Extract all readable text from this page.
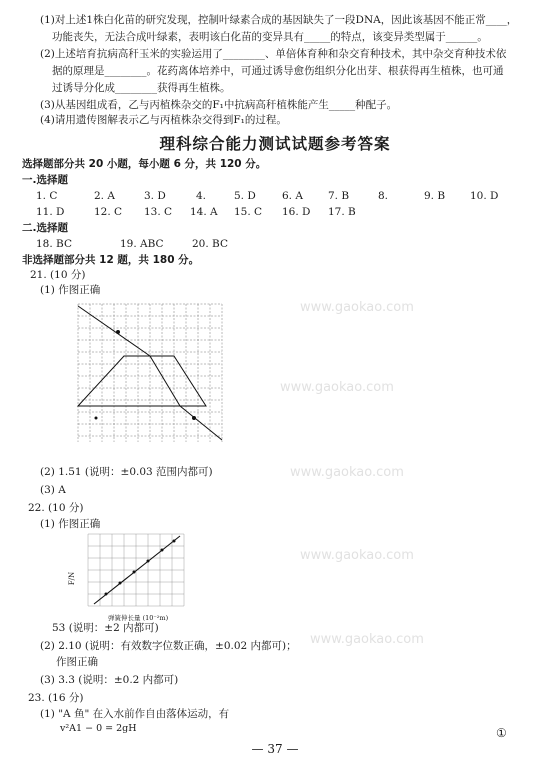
www.gaokao.com
www.gaokao.com
www.gaokao.com
www.gaokao.com
www.gaokao.com
(1)对上述1株白化苗的研究发现，控制叶绿素合成的基因缺失了一段DNA，因此该基因不能正常____，
功能丧失，无法合成叶绿素，表明该白化苗的变异具有_____的特点，该变异类型属于______。
(2)上述培育抗病高秆玉米的实验运用了________、单倍体育种和杂交育种技术，其中杂交育种技术依
据的原理是________。花药离体培养中，可通过诱导愈伤组织分化出芽、根获得再生植株，也可通
过诱导分化成________获得再生植株。
(3)从基因组成看，乙与丙植株杂交的F₁中抗病高秆植株能产生_____种配子。
(4)请用遗传图解表示乙与丙植株杂交得到F₁的过程。
理科综合能力测试试题参考答案
选择题部分共 20 小题，每小题 6 分，共 120 分。
一.选择题
1. C	2. A	3. D	4.	5. D 6. A 7. B	8.	9. B 10. D
11. D	12. C 13. C 14. A 15. C 16. D 17. B
二.选择题
18. BC	19. ABC	20. BC
非选择题部分共 12 题，共 180 分。
21. (10 分)
(1) 作图正确
(2) 1.51 (说明：±0.03 范围内都可)
(3) A
22. (10 分)
(1) 作图正确
F/N
弹簧伸长量 (10⁻²m)
53 (说明：±2 内都可)
(2) 2.10 (说明：有效数字位数正确，±0.02 内都可)；
作图正确
(3) 3.3 (说明：±0.2 内都可)
23. (16 分)
(1) "A 鱼" 在入水前作自由落体运动，有
v²A1 − 0 = 2gH	①
— 37 —
